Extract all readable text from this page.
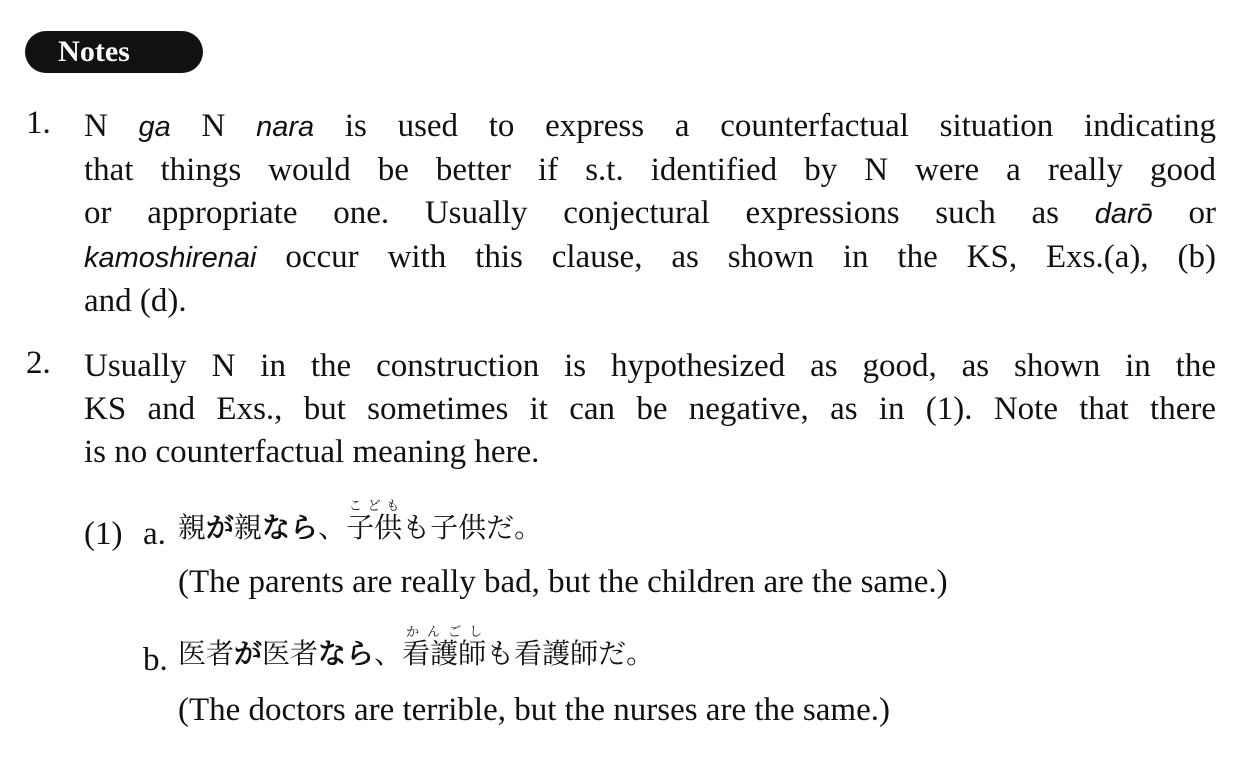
Notes
1. N ga N nara is used to express a counterfactual situation indicating
that things would be better if s.t. identified by N were a really good
or appropriate one. Usually conjectural expressions such as darō or
kamoshirenai occur with this clause, as shown in the KS, Exs.(a), (b)
and (d).
2. Usually N in the construction is hypothesized as good, as shown in the
KS and Exs., but sometimes it can be negative, as in (1). Note that there
is no counterfactual meaning here.
(1) a. 親が親なら、子供こどもも子供だ。
(The parents are really bad, but the children are the same.)
b. 医者が医者なら、看護師かんごしも看護師だ。
(The doctors are terrible, but the nurses are the same.)
